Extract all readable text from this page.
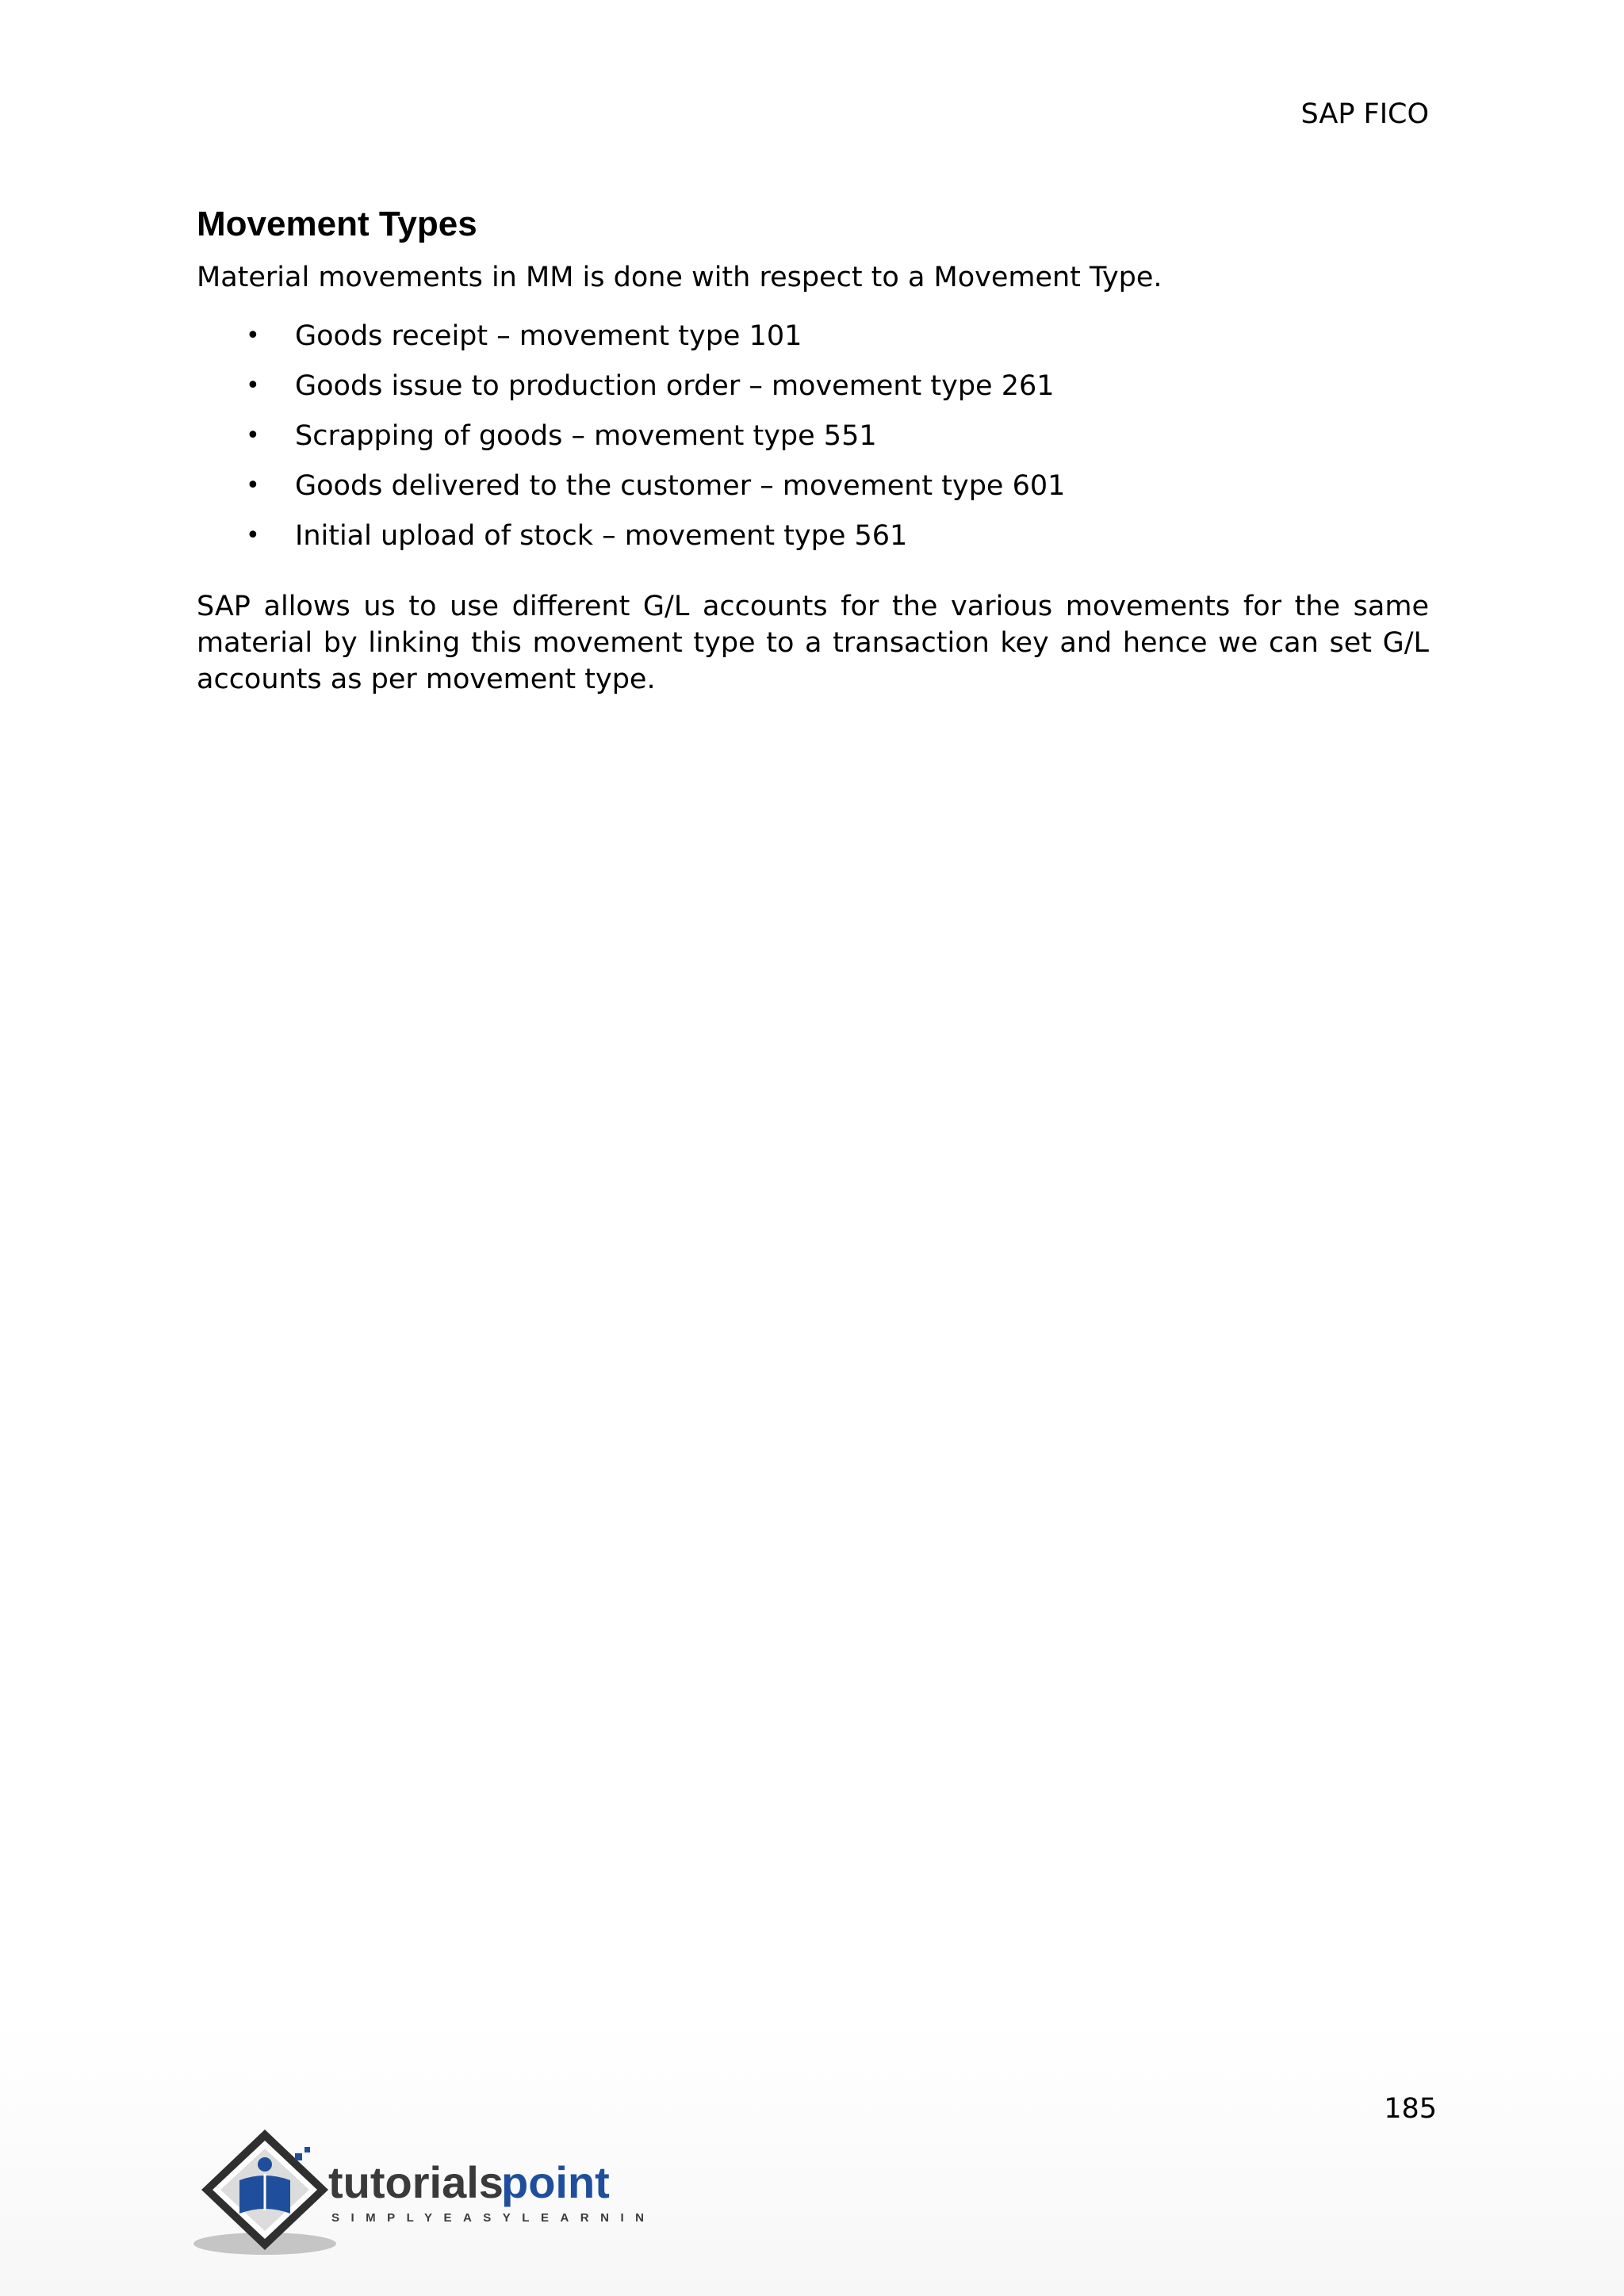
SAP FICO
Movement Types

Material movements in MM is done with respect to a Movement Type.

• Goods receipt – movement type 101
• Goods issue to production order – movement type 261
• Scrapping of goods – movement type 551
• Goods delivered to the customer – movement type 601
• Initial upload of stock – movement type 561

SAP allows us to use different G/L accounts for the various movements for the same material by linking this movement type to a transaction key and hence we can set G/L accounts as per movement type.

185
tutorials
point
SIMPLYEASYLEARNING
